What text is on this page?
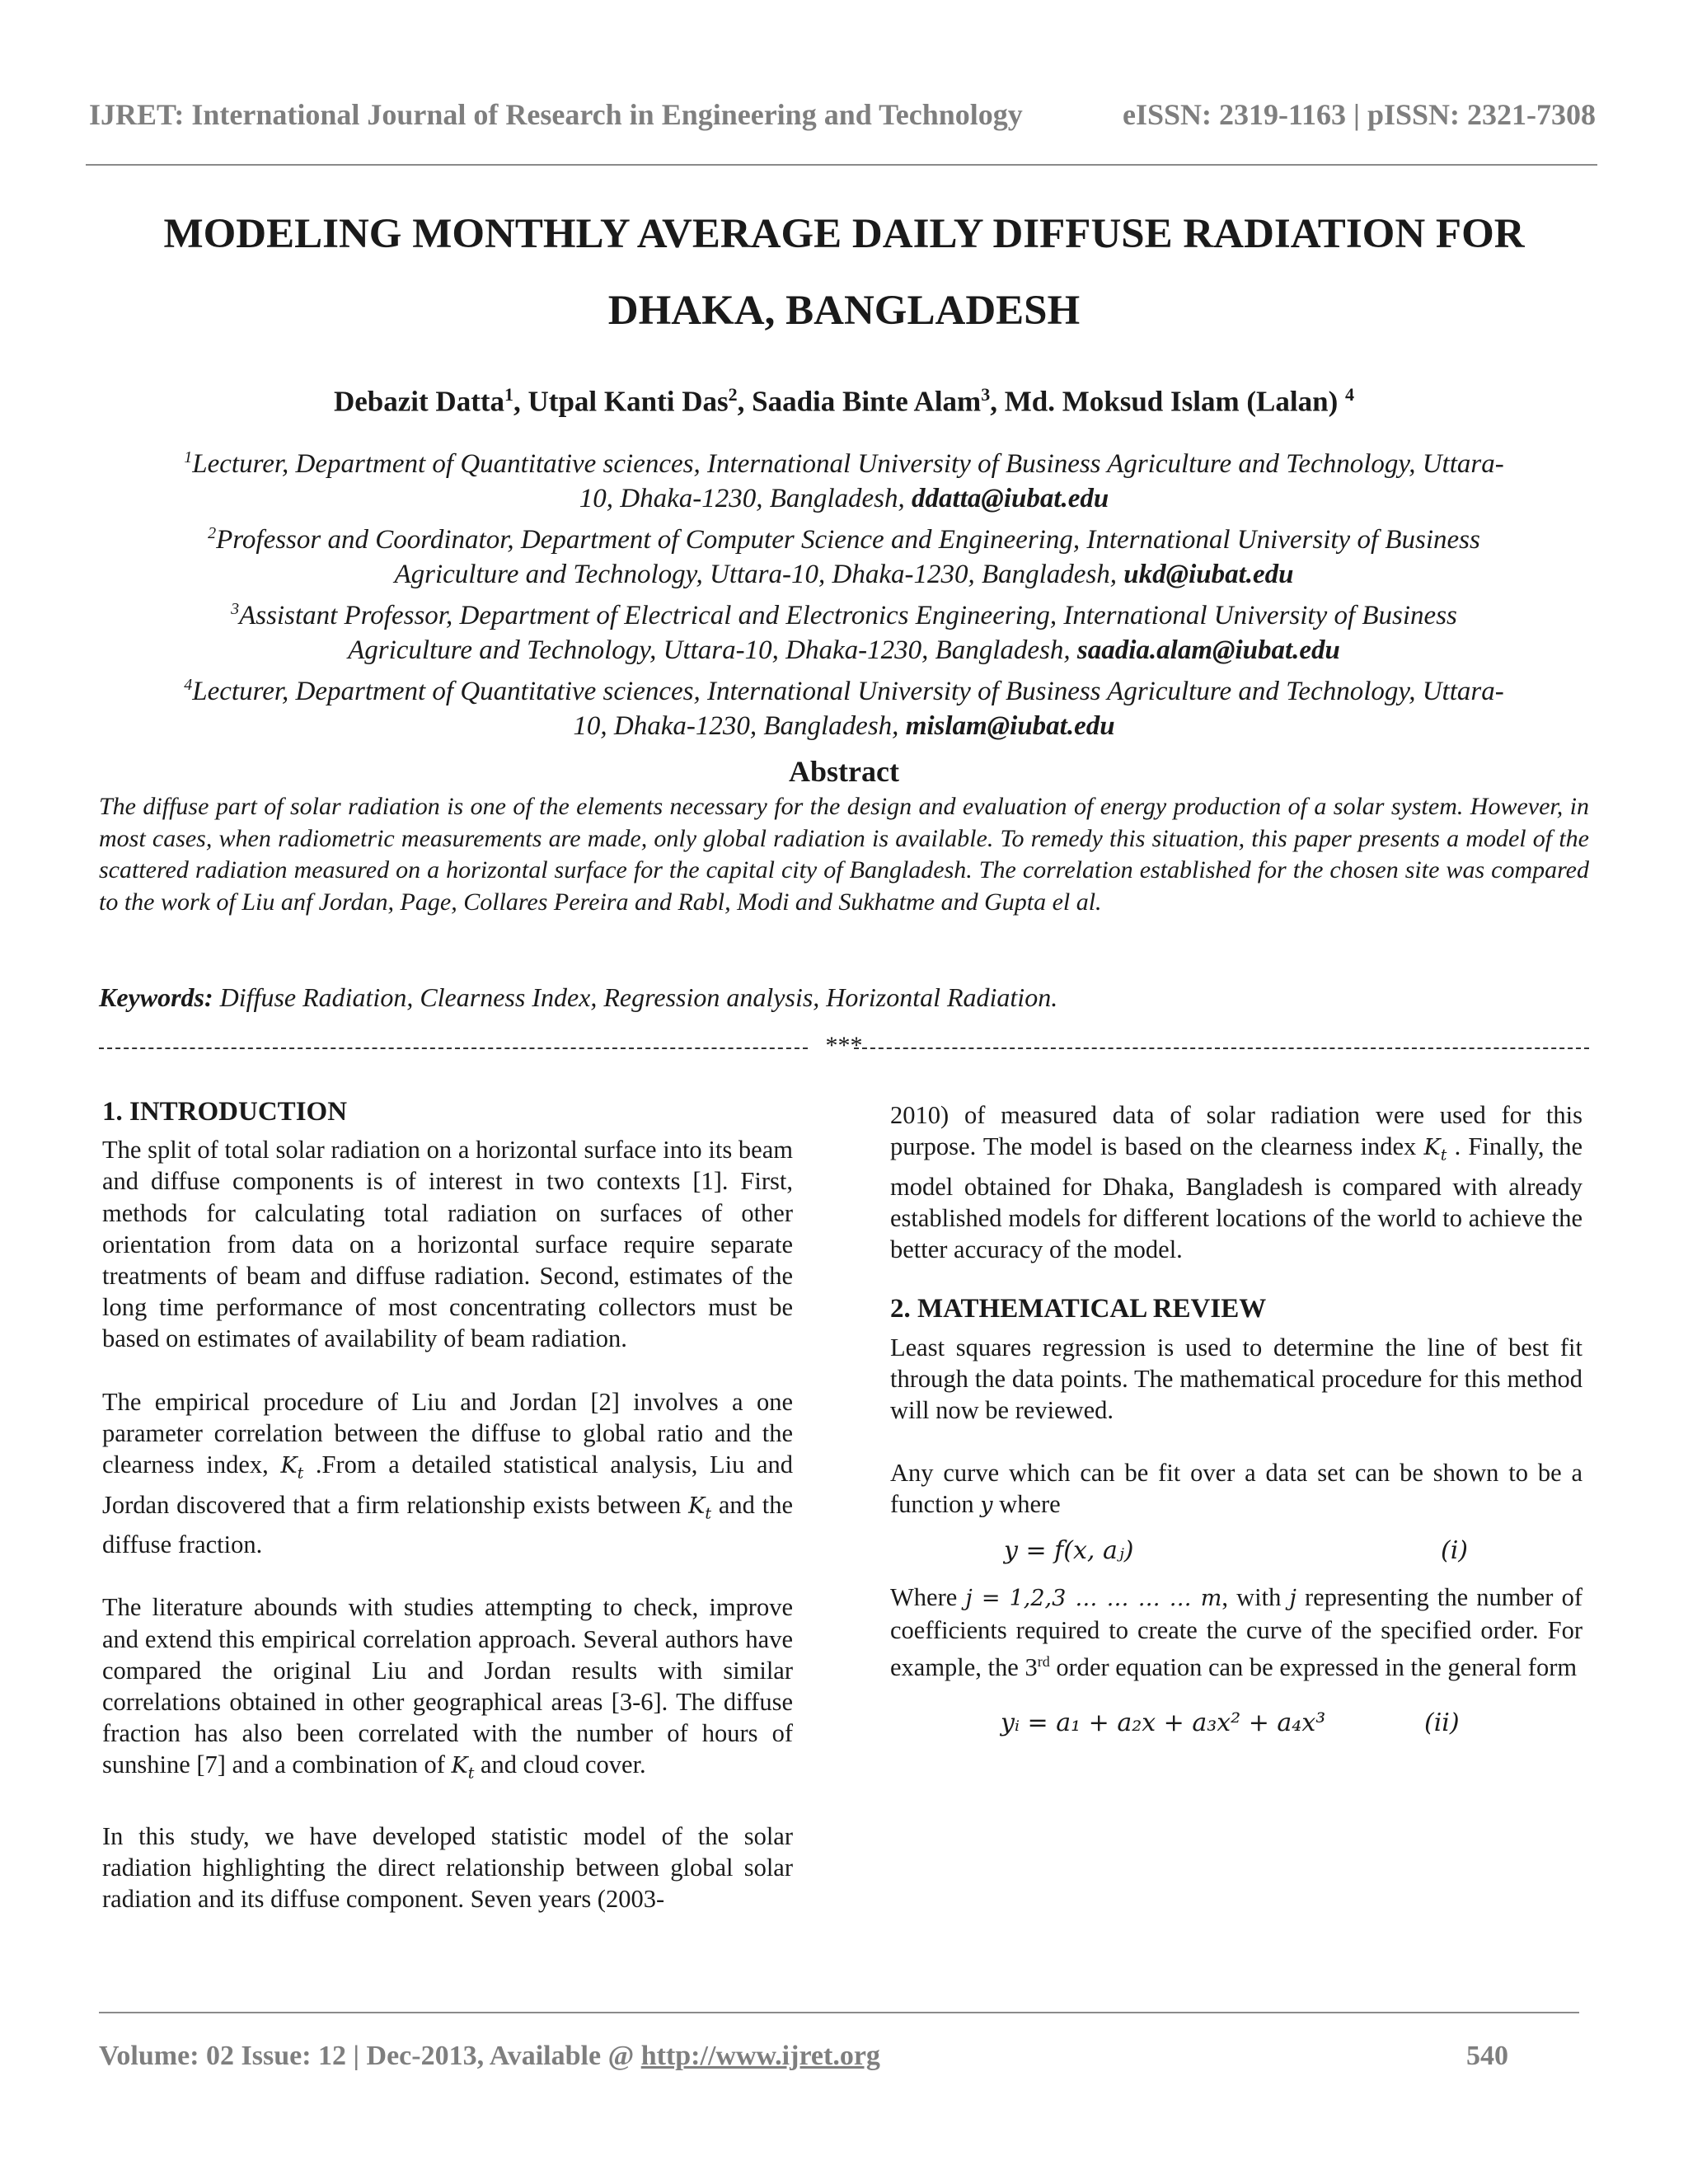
IJRET: International Journal of Research in Engineering and Technology	eISSN: 2319-1163 | pISSN: 2321-7308
MODELING MONTHLY AVERAGE DAILY DIFFUSE RADIATION FOR
DHAKA, BANGLADESH
Debazit Datta$^1$, Utpal Kanti Das$^2$, Saadia Binte Alam$^3$, Md. Moksud Islam (Lalan) $^4$
$^1$Lecturer, Department of Quantitative sciences, International University of Business Agriculture and Technology, Uttara-
10, Dhaka-1230, Bangladesh, ddatta@iubat.edu
$^2$Professor and Coordinator, Department of Computer Science and Engineering, International University of Business
Agriculture and Technology, Uttara-10, Dhaka-1230, Bangladesh, ukd@iubat.edu
$^3$Assistant Professor, Department of Electrical and Electronics Engineering, International University of Business
Agriculture and Technology, Uttara-10, Dhaka-1230, Bangladesh, saadia.alam@iubat.edu
$^4$Lecturer, Department of Quantitative sciences, International University of Business Agriculture and Technology, Uttara-
10, Dhaka-1230, Bangladesh, mislam@iubat.edu
Abstract
The diffuse part of solar radiation is one of the elements necessary for the design and evaluation of energy production of a solar system. However, in most cases, when radiometric measurements are made, only global radiation is available. To remedy this situation, this paper presents a model of the scattered radiation measured on a horizontal surface for the capital city of Bangladesh. The correlation established for the chosen site was compared to the work of Liu anf Jordan, Page, Collares Pereira and Rabl, Modi and Sukhatme and Gupta el al.
Keywords: Diffuse Radiation, Clearness Index, Regression analysis, Horizontal Radiation.
***
1. INTRODUCTION

The split of total solar radiation on a horizontal surface into its beam and diffuse components is of interest in two contexts [1]. First, methods for calculating total radiation on surfaces of other orientation from data on a horizontal surface require separate treatments of beam and diffuse radiation. Second, estimates of the long time performance of most concentrating collectors must be based on estimates of availability of beam radiation.

The empirical procedure of Liu and Jordan [2] involves a one parameter correlation between the diffuse to global ratio and the clearness index, $K_t$ .From a detailed statistical analysis, Liu and Jordan discovered that a firm relationship exists between $K_t$ and the diffuse fraction.

The literature abounds with studies attempting to check, improve and extend this empirical correlation approach. Several authors have compared the original Liu and Jordan results with similar correlations obtained in other geographical areas [3-6]. The diffuse fraction has also been correlated with the number of hours of sunshine [7] and a combination of $K_t$ and cloud cover.

In this study, we have developed statistic model of the solar radiation highlighting the direct relationship between global solar radiation and its diffuse component. Seven years (2003-

2010) of measured data of solar radiation were used for this purpose. The model is based on the clearness index $K_t$ . Finally, the model obtained for Dhaka, Bangladesh is compared with already established models for different locations of the world to achieve the better accuracy of the model.

2. MATHEMATICAL REVIEW

Least squares regression is used to determine the line of best fit through the data points. The mathematical procedure for this method will now be reviewed.

Any curve which can be fit over a data set can be shown to be a function y where

y = f(x, aⱼ)	(i)

Where j = 1,2,3 … … … … m, with j representing the number of coefficients required to create the curve of the specified order. For example, the 3rd order equation can be expressed in the general form

yᵢ = a₁ + a₂x + a₃x² + a₄x³	(ii)
Volume: 02 Issue: 12 | Dec-2013, Available @ http://www.ijret.org	540
